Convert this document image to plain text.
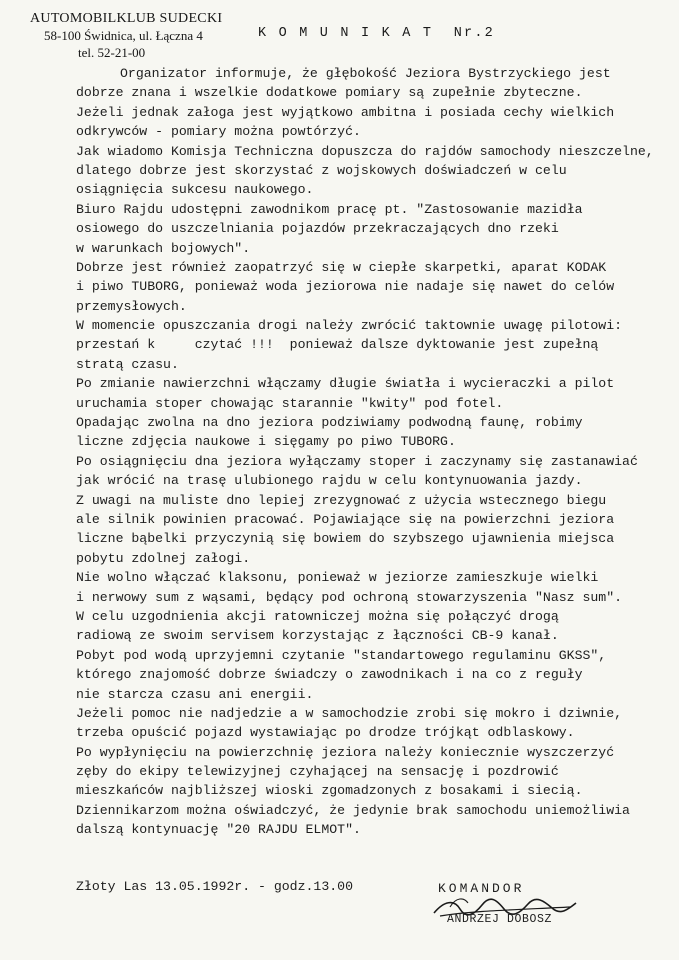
AUTOMOBILKLUB SUDECKI
58-100 Świdnica, ul. Łączna 4
tel. 52-21-00
K O M U N I K A T  Nr.2
Organizator informuje, że głębokość Jeziora Bystrzyckiego jest
dobrze znana i wszelkie dodatkowe pomiary są zupełnie zbyteczne.
Jeżeli jednak załoga jest wyjątkowo ambitna i posiada cechy wielkich
odkrywców - pomiary można powtórzyć.
Jak wiadomo Komisja Techniczna dopuszcza do rajdów samochody nieszczelne,
dlatego dobrze jest skorzystać z wojskowych doświadczeń w celu
osiągnięcia sukcesu naukowego.
Biuro Rajdu udostępni zawodnikom pracę pt. "Zastosowanie mazidła
osiowego do uszczelniania pojazdów przekraczających dno rzeki
w warunkach bojowych".
Dobrze jest również zaopatrzyć się w ciepłe skarpetki, aparat KODAK
i piwo TUBORG, ponieważ woda jeziorowa nie nadaje się nawet do celów
przemysłowych.
W momencie opuszczania drogi należy zwrócić taktownie uwagę pilotowi:
przestań k     czytać !!!  ponieważ dalsze dyktowanie jest zupełną
stratą czasu.
Po zmianie nawierzchni włączamy długie światła i wycieraczki a pilot
uruchamia stoper chowając starannie "kwity" pod fotel.
Opadając zwolna na dno jeziora podziwiamy podwodną faunę, robimy
liczne zdjęcia naukowe i sięgamy po piwo TUBORG.
Po osiągnięciu dna jeziora wyłączamy stoper i zaczynamy się zastanawiać
jak wrócić na trasę ulubionego rajdu w celu kontynuowania jazdy.
Z uwagi na muliste dno lepiej zrezygnować z użycia wstecznego biegu
ale silnik powinien pracować. Pojawiające się na powierzchni jeziora
liczne bąbelki przyczynią się bowiem do szybszego ujawnienia miejsca
pobytu zdolnej załogi.
Nie wolno włączać klaksonu, ponieważ w jeziorze zamieszkuje wielki
i nerwowy sum z wąsami, będący pod ochroną stowarzyszenia "Nasz sum".
W celu uzgodnienia akcji ratowniczej można się połączyć drogą
radiową ze swoim servisem korzystając z łączności CB-9 kanał.
Pobyt pod wodą uprzyjemni czytanie "standartowego regulaminu GKSS",
którego znajomość dobrze świadczy o zawodnikach i na co z reguły
nie starcza czasu ani energii.
Jeżeli pomoc nie nadjedzie a w samochodzie zrobi się mokro i dziwnie,
trzeba opuścić pojazd wystawiając po drodze trójkąt odblaskowy.
Po wypłynięciu na powierzchnię jeziora należy koniecznie wyszczerzyć
zęby do ekipy telewizyjnej czyhającej na sensację i pozdrowić
mieszkańców najbliższej wioski zgomadzonych z bosakami i siecią.
Dziennikarzom można oświadczyć, że jedynie brak samochodu uniemożliwia
dalszą kontynuację "20 RAJDU ELMOT".
Złoty Las 13.05.1992r. - godz.13.00	KOMANDOR
ANDRZEJ DOBOSZ
